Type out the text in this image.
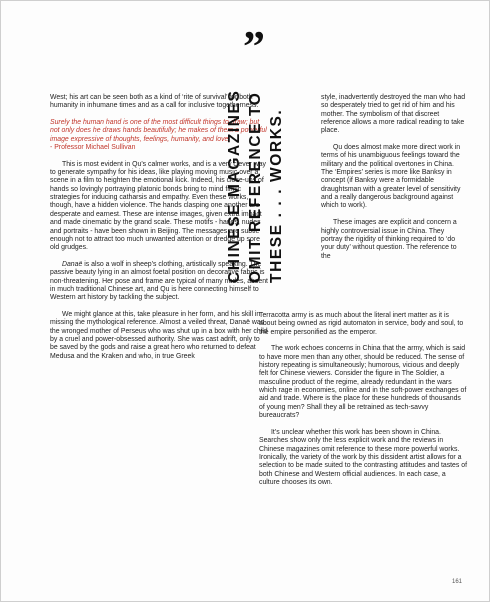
”

West; his art can be seen both as a kind of ‘rite of survival’ for both humanity in inhumane times and as a call for inclusive togetherness.

Surely the human hand is one of the most difficult things to draw; but not only does he draws hands beautifully; he makes of them a powerful image expressive of thoughts, feelings, humanity, and love.

- Professor Michael Sullivan

This is most evident in Qu’s calmer works, and is a very clever way to generate sympathy for his ideas, like playing moving music over a scene in a film to heighten the emotional kick. Indeed, his close-ups of hands so lovingly portraying platonic bonds bring to mind filmic strategies for inducing catharsis and empathy. Even these works, though, have a hidden violence. The hands clasping one another are desperate and earnest. These are intense images, given extra impact and made cinematic by the grand scale. These motifs - hands, nudes and portraits - have been shown in Beijing. The messages are subtle enough not to attract too much unwanted attention or dredge up sore old grudges.

Danaë is also a wolf in sheep’s clothing, artistically speaking. The passive beauty lying in an almost foetal position on decorative fabric is non-threatening. Her pose and frame are typical of many nudes, absent in much traditional Chinese art, and Qu is here connecting himself to Western art history by tackling the subject.

We might glance at this, take pleasure in her form, and his skill in missing the mythological reference. Almost a veiled threat, Danaë was the wronged mother of Perseus who was shut up in a box with her child by a cruel and power-obsessed authority. She was cast adrift, only to be saved by the gods and raise a great hero who returned to defeat Medusa and the Kraken and who, in true Greek

CHINESE MAGAZINES OMIT REFERENCE TO THESE . . . WORKS.

style, inadvertently destroyed the man who had so desperately tried to get rid of him and his mother. The symbolism of that discreet reference allows a more radical reading to take place.

Qu does almost make more direct work in terms of his unambiguous feelings toward the military and the political overtones in China. The ‘Empires’ series is more like Banksy in concept (if Banksy were a formidable draughtsman with a greater level of sensitivity and a really dangerous background against which to work).

These images are explicit and concern a highly controversial issue in China. They portray the rigidity of thinking required to ‘do your duty’ without question. The reference to the

Terracotta army is as much about the literal inert matter as it is about being owned as rigid automaton in service, body and soul, to the empire personified as the emperor.

The work echoes concerns in China that the army, which is said to have more men than any other, should be reduced. The sense of history repeating is simultaneously; humorous, vicious and deeply felt for Chinese viewers. Consider the figure in The Soldier, a masculine product of the regime, already redundant in the wars which rage in economies, online and in the soft-power exchanges of aid and trade. Where is the place for these hundreds of thousands of young men? Shall they all be retrained as tech-savvy bureaucrats?

It’s unclear whether this work has been shown in China. Searches show only the less explicit work and the reviews in Chinese magazines omit reference to these more powerful works. Ironically, the variety of the work by this dissident artist allows for a selection to be made suited to the contrasting attitudes and tastes of both Chinese and Western official audiences. In each case, a culture chooses its own.

161
